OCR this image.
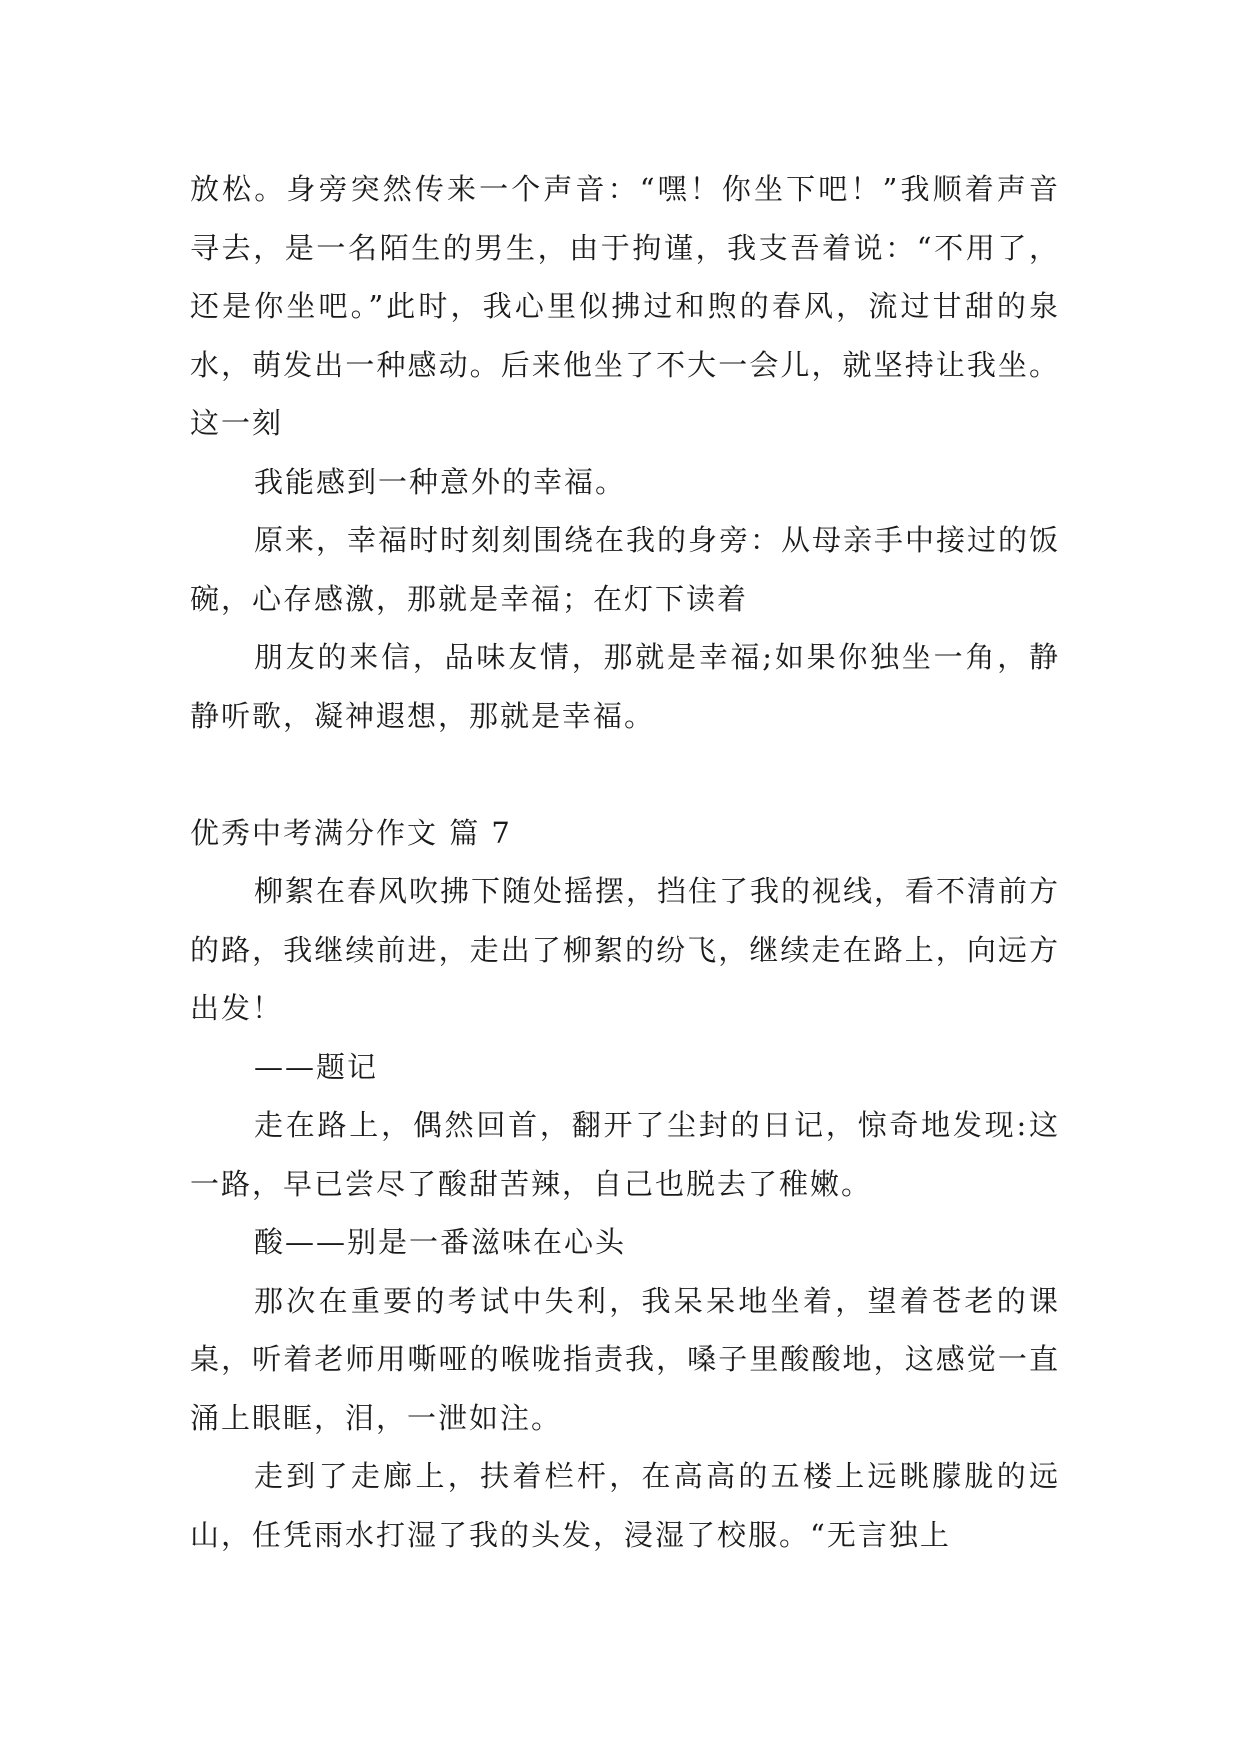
放松。身旁突然传来一个声音：“嘿！你坐下吧！”我顺着声音寻去，是一名陌生的男生，由于拘谨，我支吾着说：“不用了，还是你坐吧。”此时，我心里似拂过和煦的春风，流过甘甜的泉水，萌发出一种感动。后来他坐了不大一会儿，就坚持让我坐。这一刻

我能感到一种意外的幸福。

原来，幸福时时刻刻围绕在我的身旁：从母亲手中接过的饭碗，心存感激，那就是幸福；在灯下读着

朋友的来信，品味友情，那就是幸福;如果你独坐一角，静静听歌，凝神遐想，那就是幸福。

优秀中考满分作文 篇 7

柳絮在春风吹拂下随处摇摆，挡住了我的视线，看不清前方的路，我继续前进，走出了柳絮的纷飞，继续走在路上，向远方出发！

——题记

走在路上，偶然回首，翻开了尘封的日记，惊奇地发现:这一路，早已尝尽了酸甜苦辣，自己也脱去了稚嫩。

酸——别是一番滋味在心头

那次在重要的考试中失利，我呆呆地坐着，望着苍老的课桌，听着老师用嘶哑的喉咙指责我，嗓子里酸酸地，这感觉一直涌上眼眶，泪，一泄如注。

走到了走廊上，扶着栏杆，在高高的五楼上远眺朦胧的远山，任凭雨水打湿了我的头发，浸湿了校服。“无言独上
